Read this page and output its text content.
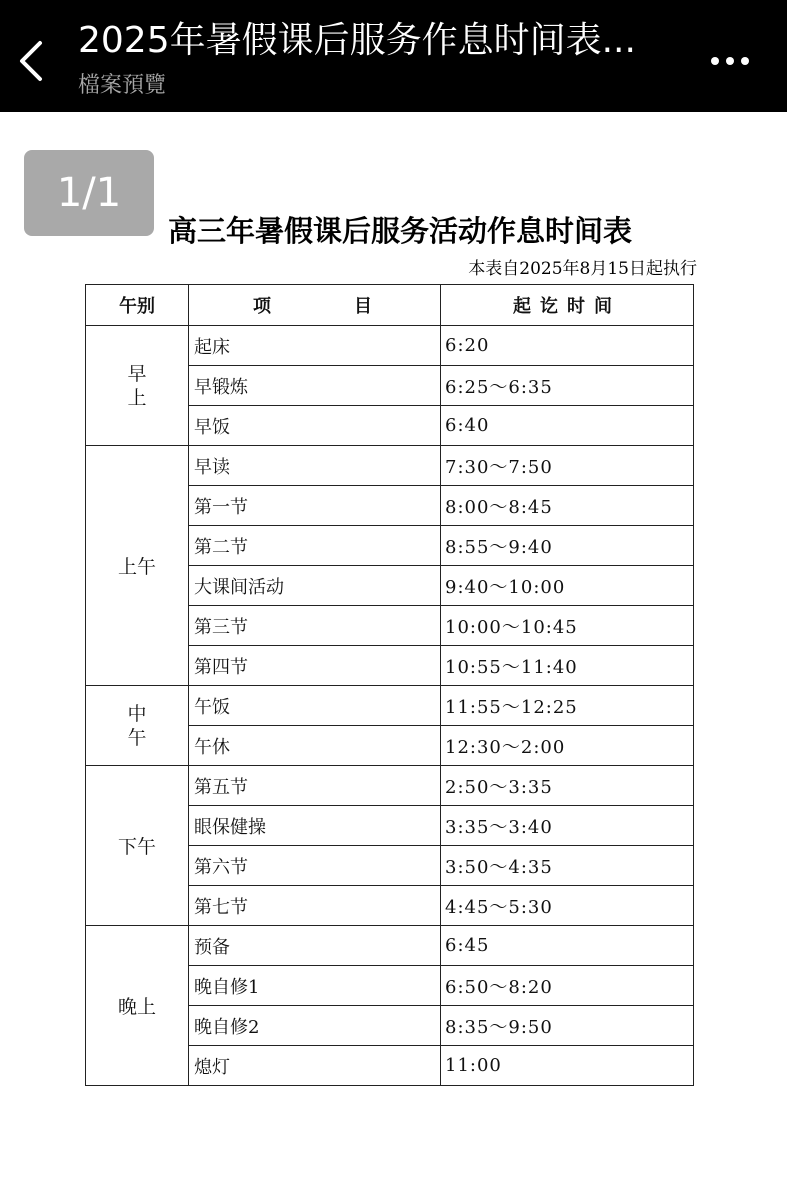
2025年暑假课后服务作息时间表...
檔案預覽
1/1
高三年暑假课后服务活动作息时间表
本表自2025年8月15日起执行
午别	项 目	起讫时间
早上	起床	6:20
	早锻炼	6:25～6:35
	早饭	6:40
上午	早读	7:30～7:50
	第一节	8:00～8:45
	第二节	8:55～9:40
	大课间活动	9:40～10:00
	第三节	10:00～10:45
	第四节	10:55～11:40
中午	午饭	11:55～12:25
	午休	12:30～2:00
下午	第五节	2:50～3:35
	眼保健操	3:35～3:40
	第六节	3:50～4:35
	第七节	4:45～5:30
晚上	预备	6:45
	晚自修1	6:50～8:20
	晚自修2	8:35～9:50
	熄灯	11:00
